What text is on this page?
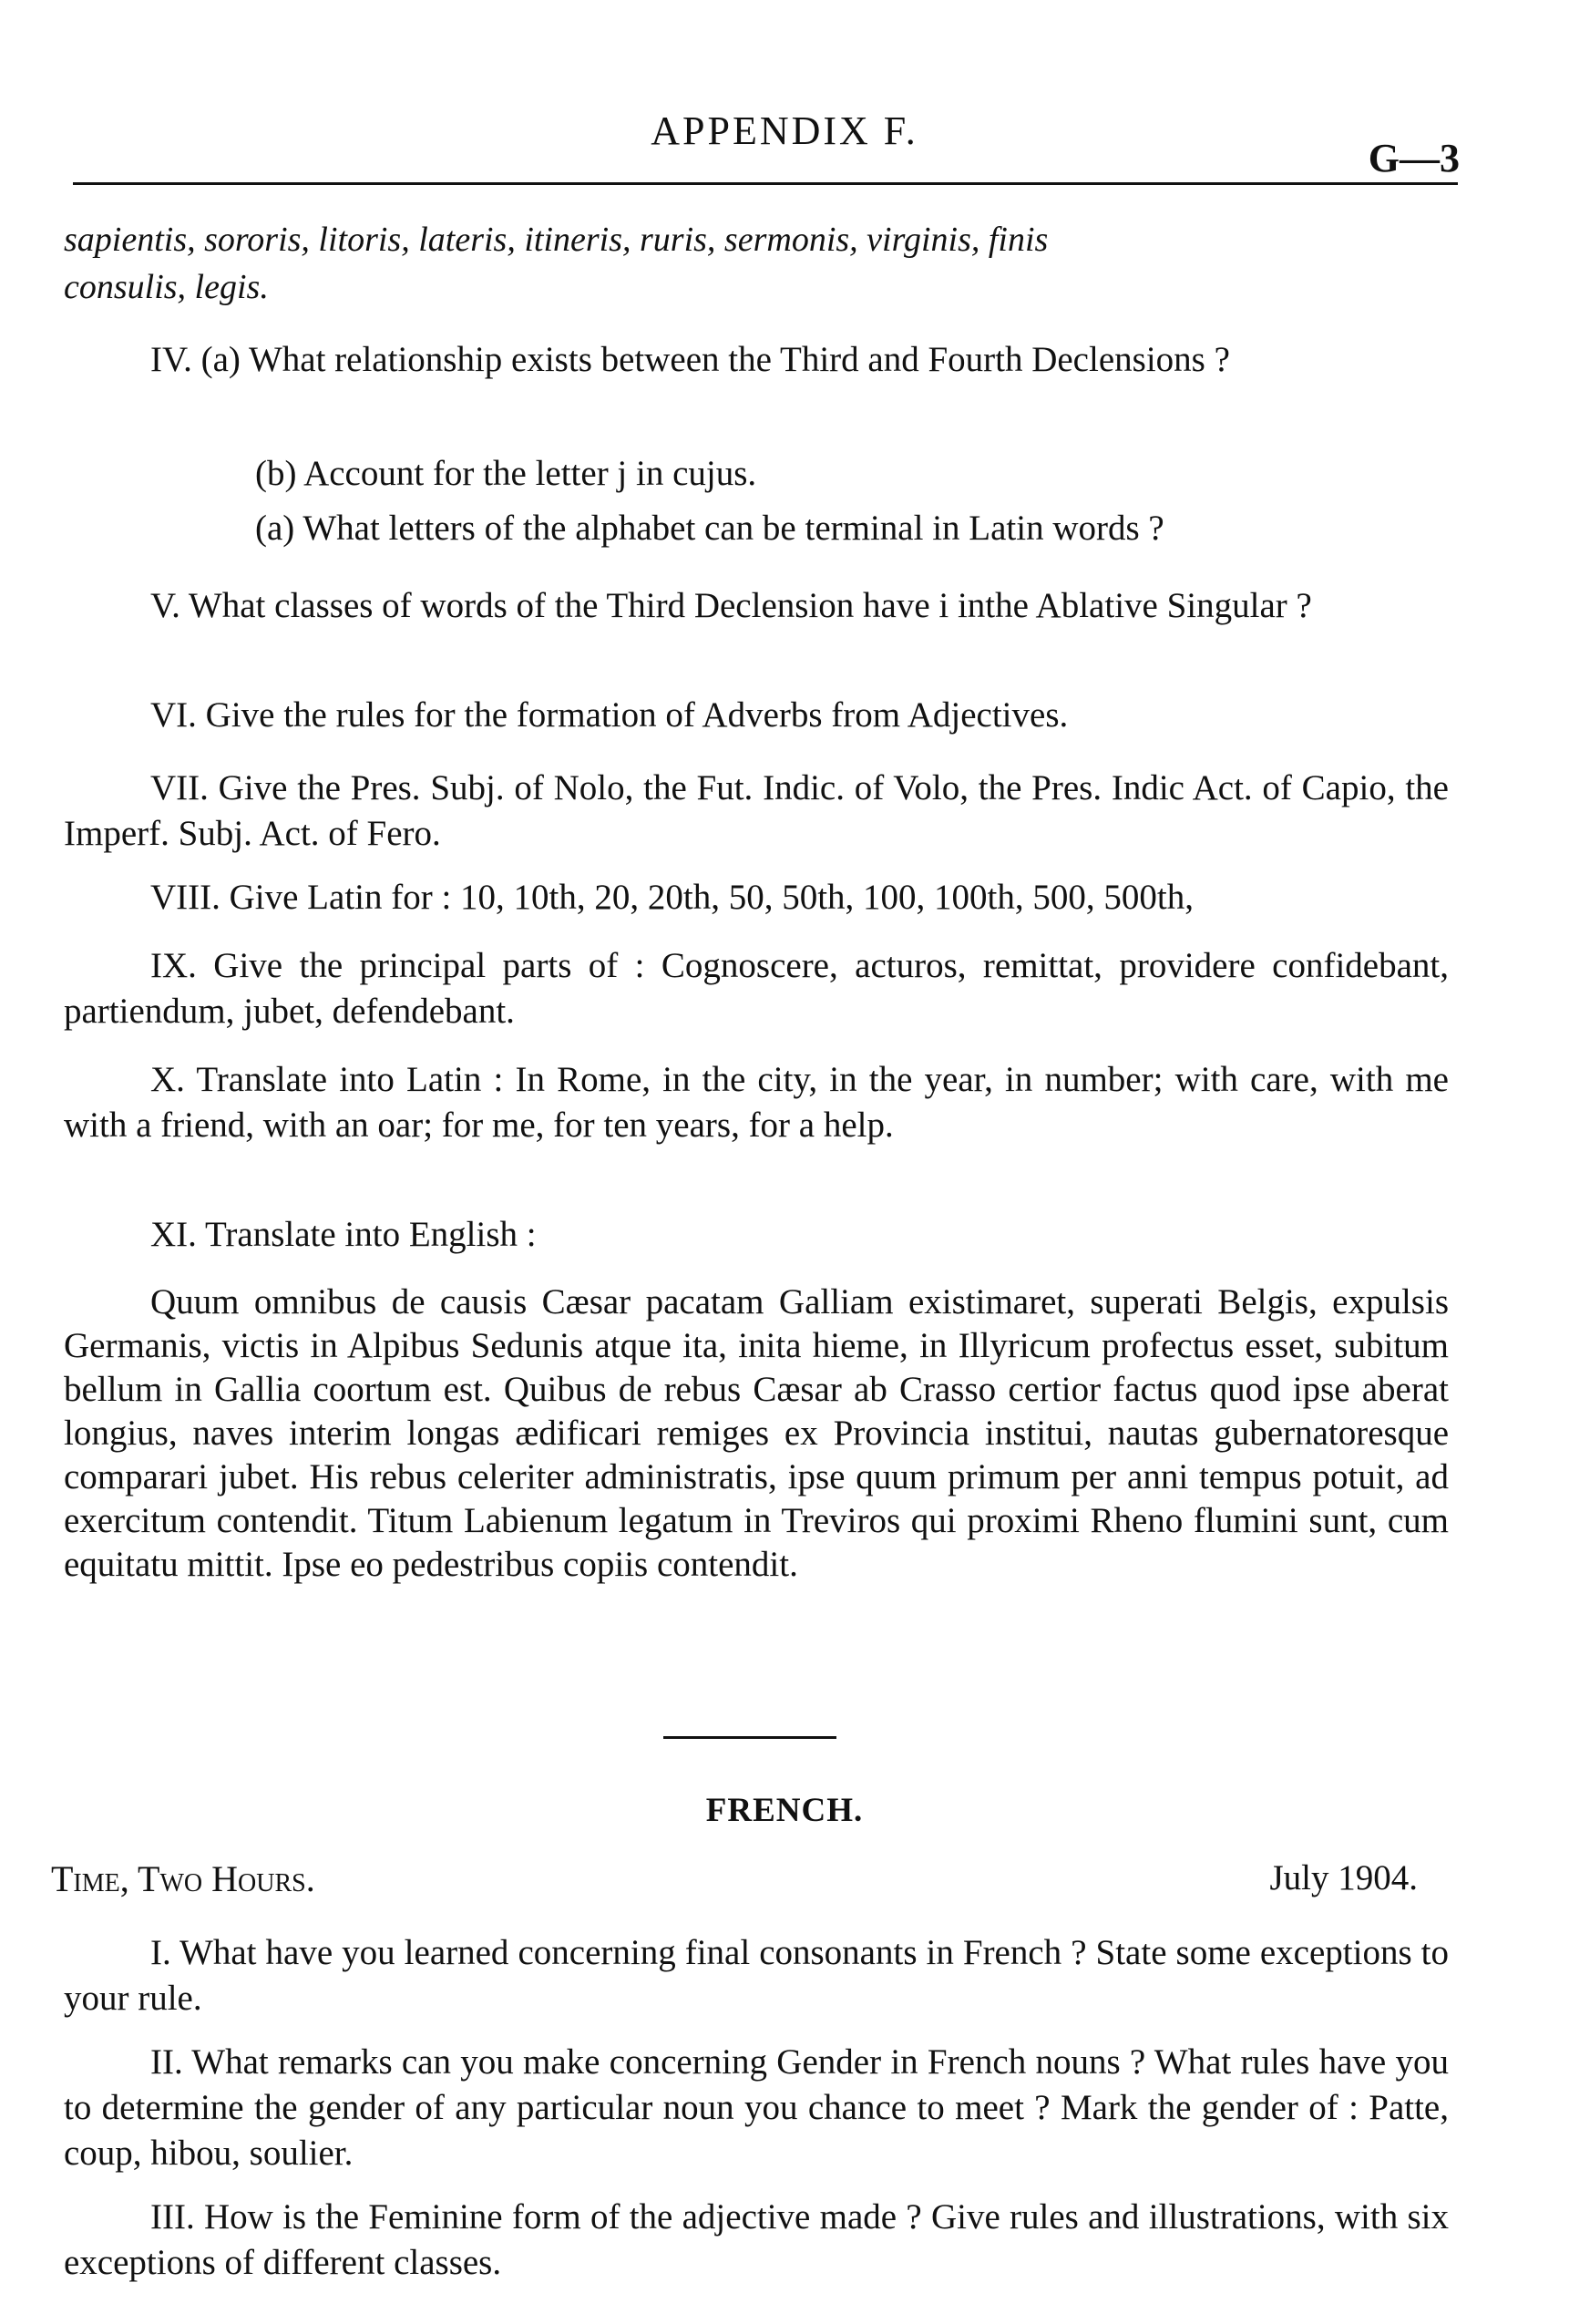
APPENDIX F.
G—3
sapientis, sororis, litoris, lateris, itineris, ruris, sermonis, virginis, finis
consulis, legis.
IV. (a) What relationship exists between the Third and Fourth Declensions ?
(b) Account for the letter j in cujus.
(a) What letters of the alphabet can be terminal in Latin words ?
V. What classes of words of the Third Declension have i inthe Ablative Singular ?
VI. Give the rules for the formation of Adverbs from Adjectives.
VII. Give the Pres. Subj. of Nolo, the Fut. Indic. of Volo, the Pres. Indic Act. of Capio, the Imperf. Subj. Act. of Fero.
VIII. Give Latin for : 10, 10th, 20, 20th, 50, 50th, 100, 100th, 500, 500th,
IX. Give the principal parts of : Cognoscere, acturos, remittat, providere confidebant, partiendum, jubet, defendebant.
X. Translate into Latin : In Rome, in the city, in the year, in number; with care, with me with a friend, with an oar; for me, for ten years, for a help.
XI. Translate into English :
Quum omnibus de causis Cæsar pacatam Galliam existimaret, superati Belgis, expulsis Germanis, victis in Alpibus Sedunis atque ita, inita hieme, in Illyricum profectus esset, subitum bellum in Gallia coortum est. Quibus de rebus Cæsar ab Crasso certior factus quod ipse aberat longius, naves interim longas ædificari remiges ex Provincia institui, nautas gubernatoresque comparari jubet. His rebus celeriter administratis, ipse quum primum per anni tempus potuit, ad exercitum contendit. Titum Labienum legatum in Treviros qui proximi Rheno flumini sunt, cum equitatu mittit. Ipse eo pedestribus copiis contendit.
FRENCH.
Time, Two Hours.	July 1904.
I. What have you learned concerning final consonants in French ? State some exceptions to your rule.
II. What remarks can you make concerning Gender in French nouns ? What rules have you to determine the gender of any particular noun you chance to meet ? Mark the gender of : Patte, coup, hibou, soulier.
III. How is the Feminine form of the adjective made ? Give rules and illustrations, with six exceptions of different classes.
